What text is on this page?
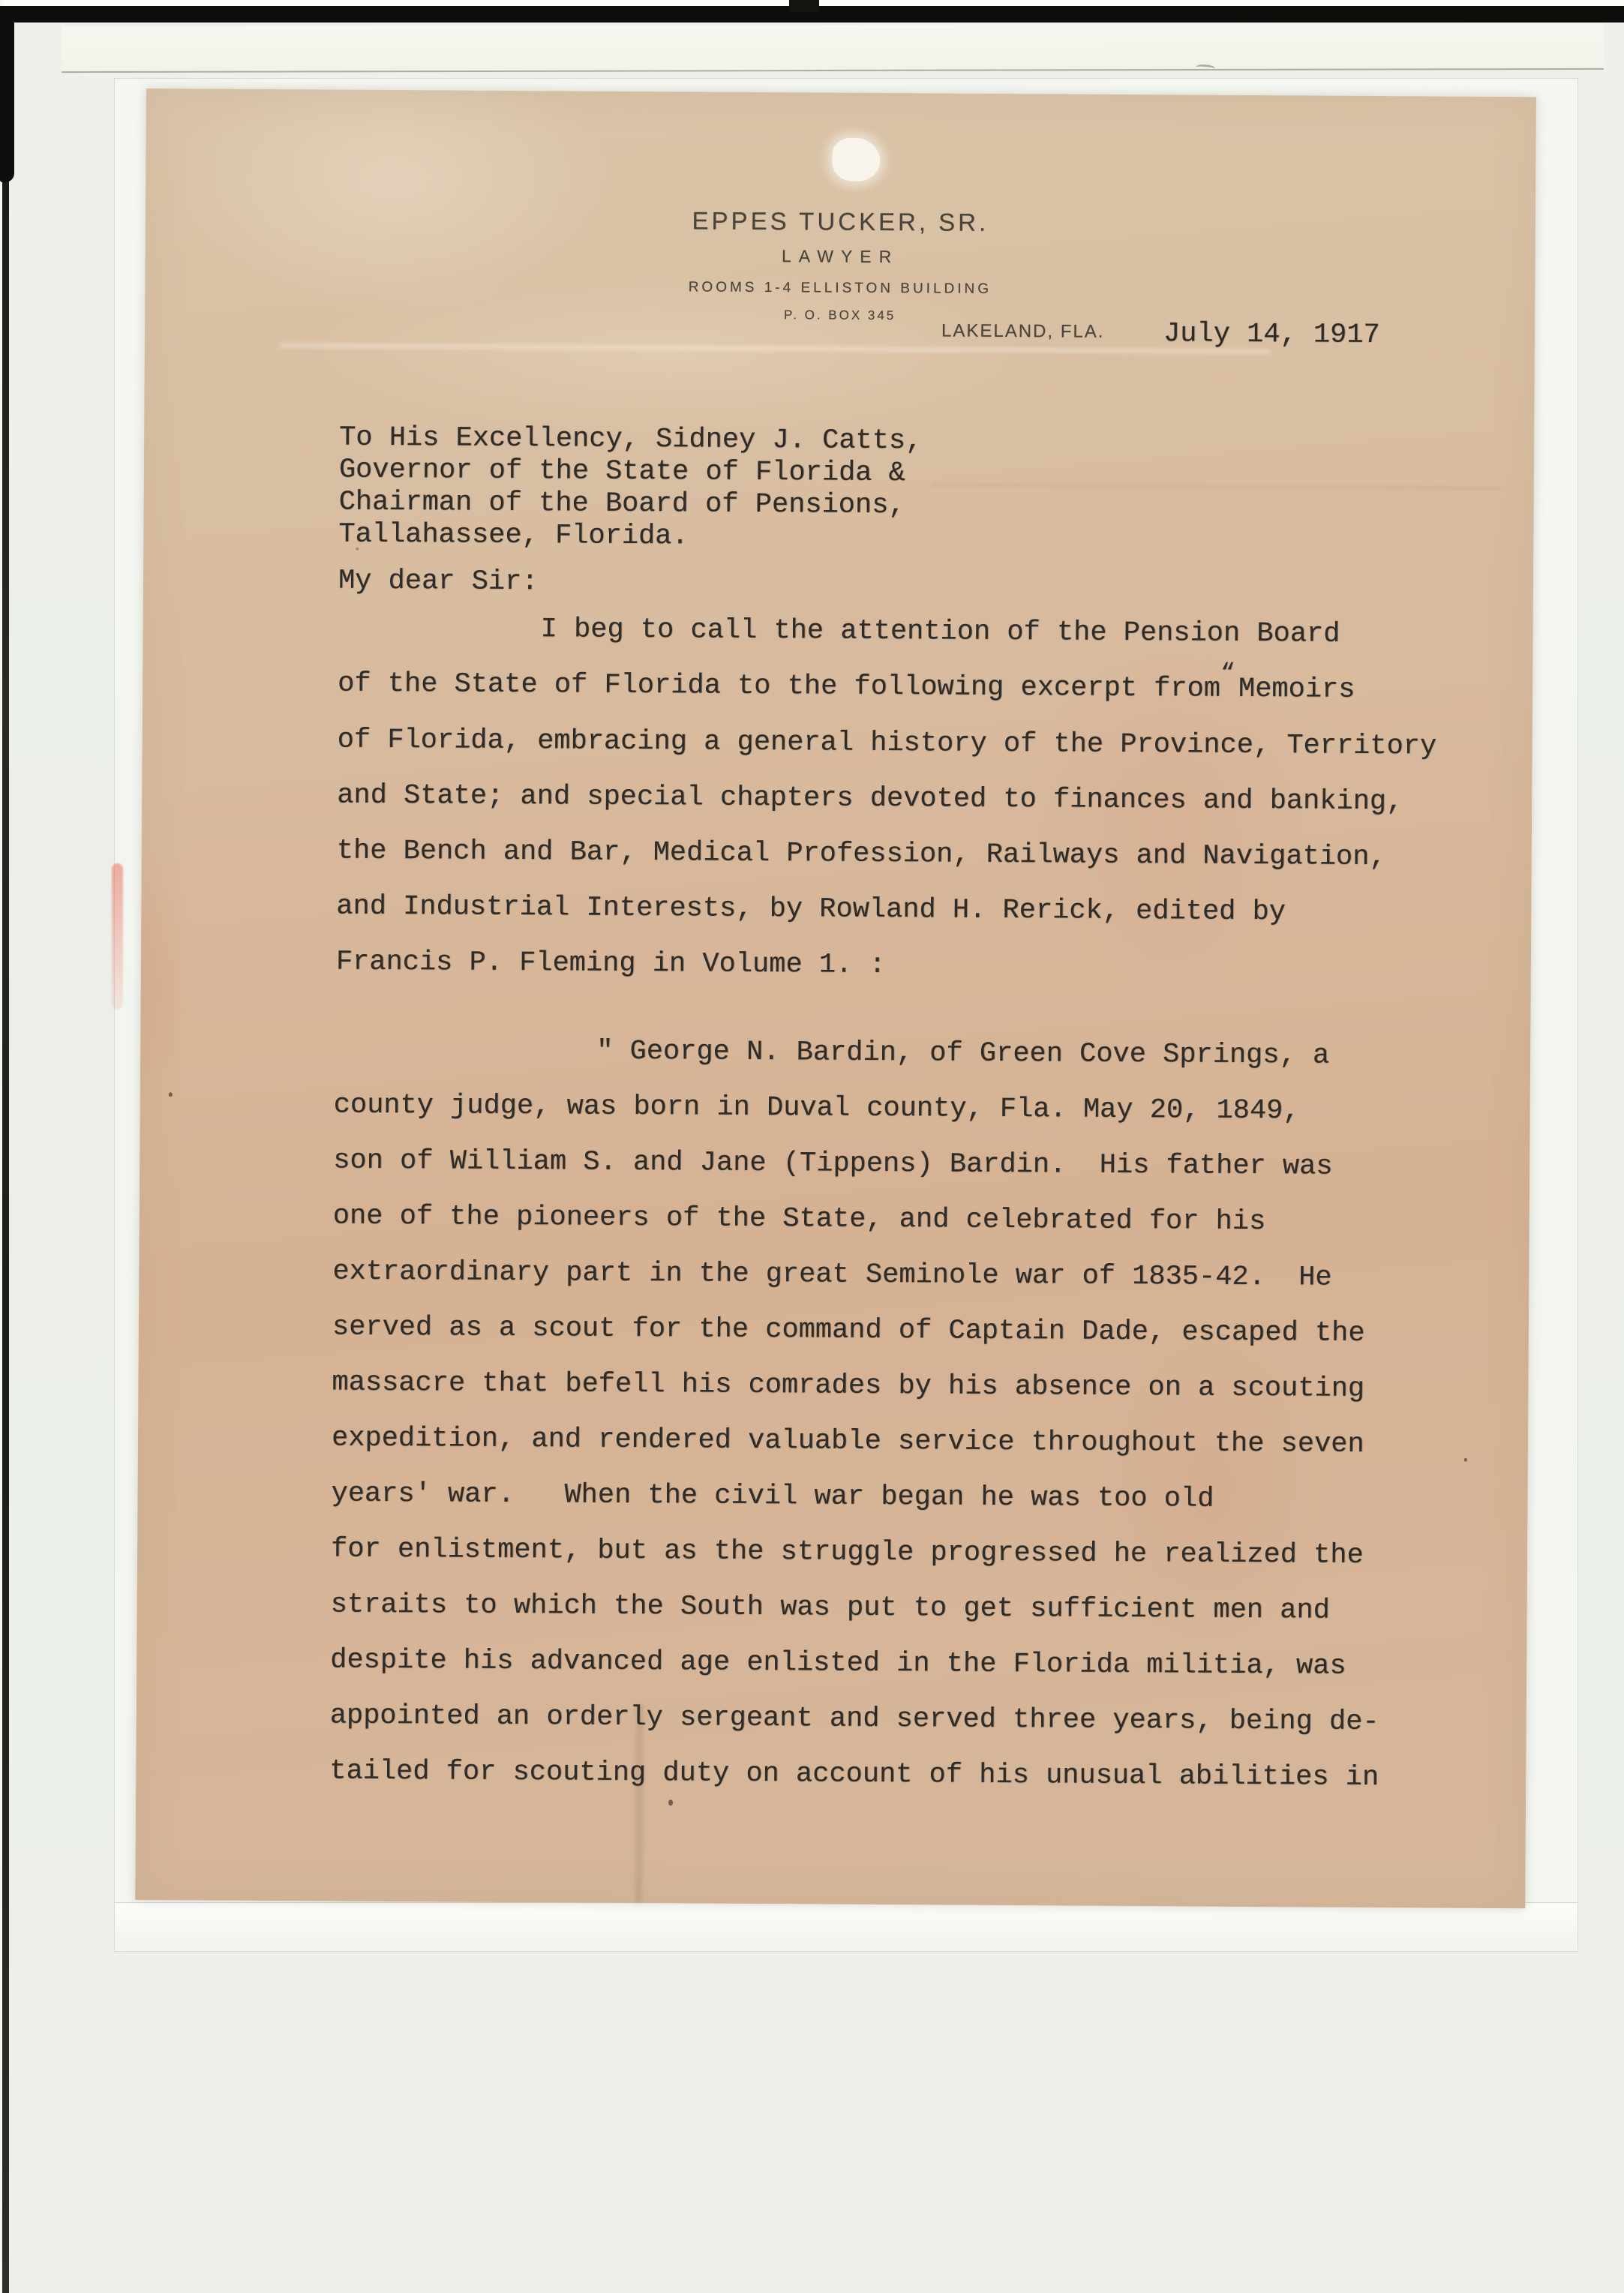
EPPES TUCKER, SR.
LAWYER
ROOMS 1-4 ELLISTON BUILDING
P. O. BOX 345
LAKELAND, FLA. July 14, 1917
To His Excellency, Sidney J. Catts,
Governor of the State of Florida &
Chairman of the Board of Pensions,
Tallahassee, Florida.
My dear Sir:
I beg to call the attention of the Pension Board
of the State of Florida to the following excerpt from“Memoirs
of Florida, embracing a general history of the Province, Territory
and State; and special chapters devoted to finances and banking,
the Bench and Bar, Medical Profession, Railways and Navigation,
and Industrial Interests, by Rowland H. Rerick, edited by
Francis P. Fleming in Volume 1. :
" George N. Bardin, of Green Cove Springs, a
county judge, was born in Duval county, Fla. May 20, 1849,
son of William S. and Jane (Tippens) Bardin.  His father was
one of the pioneers of the State, and celebrated for his
extraordinary part in the great Seminole war of 1835-42.  He
served as a scout for the command of Captain Dade, escaped the
massacre that befell his comrades by his absence on a scouting
expedition, and rendered valuable service throughout the seven
years' war.   When the civil war began he was too old
for enlistment, but as the struggle progressed he realized the
straits to which the South was put to get sufficient men and
despite his advanced age enlisted in the Florida militia, was
appointed an orderly sergeant and served three years, being de-
tailed for scouting duty on account of his unusual abilities in
